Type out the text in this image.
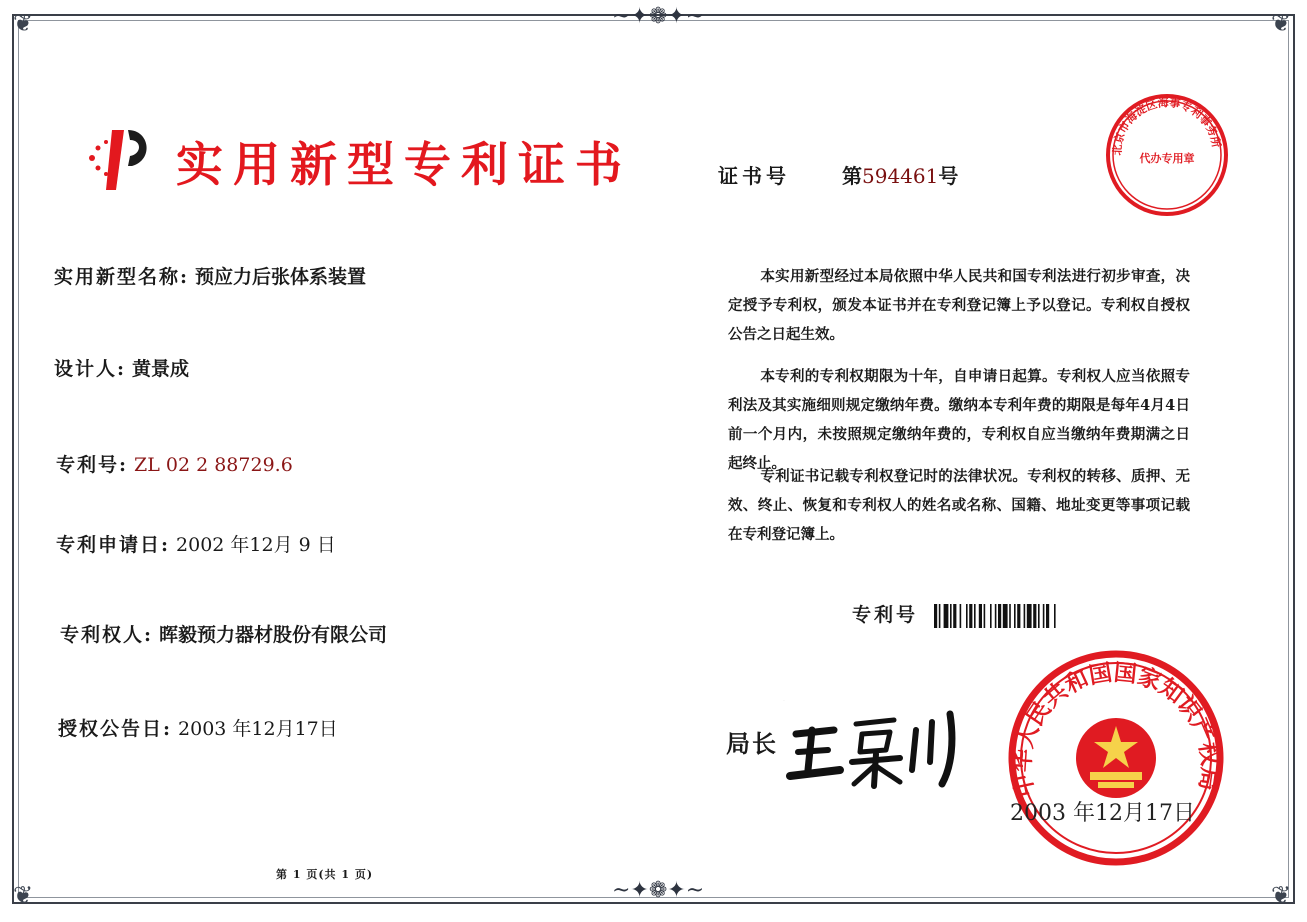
~✦❁✦~
~✦❁✦~
❦	❦
❦	❦
实用新型专利证书	证书号	第594461号
实用新型名称: 预应力后张体系装置
设计人: 黄景成
专利号: ZL 02 2 88729.6
专利申请日: 2002 年12月 9 日
专利权人: 晖毅预力器材股份有限公司
授权公告日: 2003 年12月17日
本实用新型经过本局依照中华人民共和国专利法进行初步审查，决定授予专利权，颁发本证书并在专利登记簿上予以登记。专利权自授权公告之日起生效。
本专利的专利权期限为十年，自申请日起算。专利权人应当依照专利法及其实施细则规定缴纳年费。缴纳本专利年费的期限是每年4月4日前一个月内，未按照规定缴纳年费的，专利权自应当缴纳年费期满之日起终止。
专利证书记载专利权登记时的法律状况。专利权的转移、质押、无效、终止、恢复和专利权人的姓名或名称、国籍、地址变更等事项记载在专利登记簿上。
专利号
局长
北京市海淀区海事专利事务所
代办专用章
中华人民共和国国家知识产权局
2003 年12月17日
第 1 页(共 1 页)
